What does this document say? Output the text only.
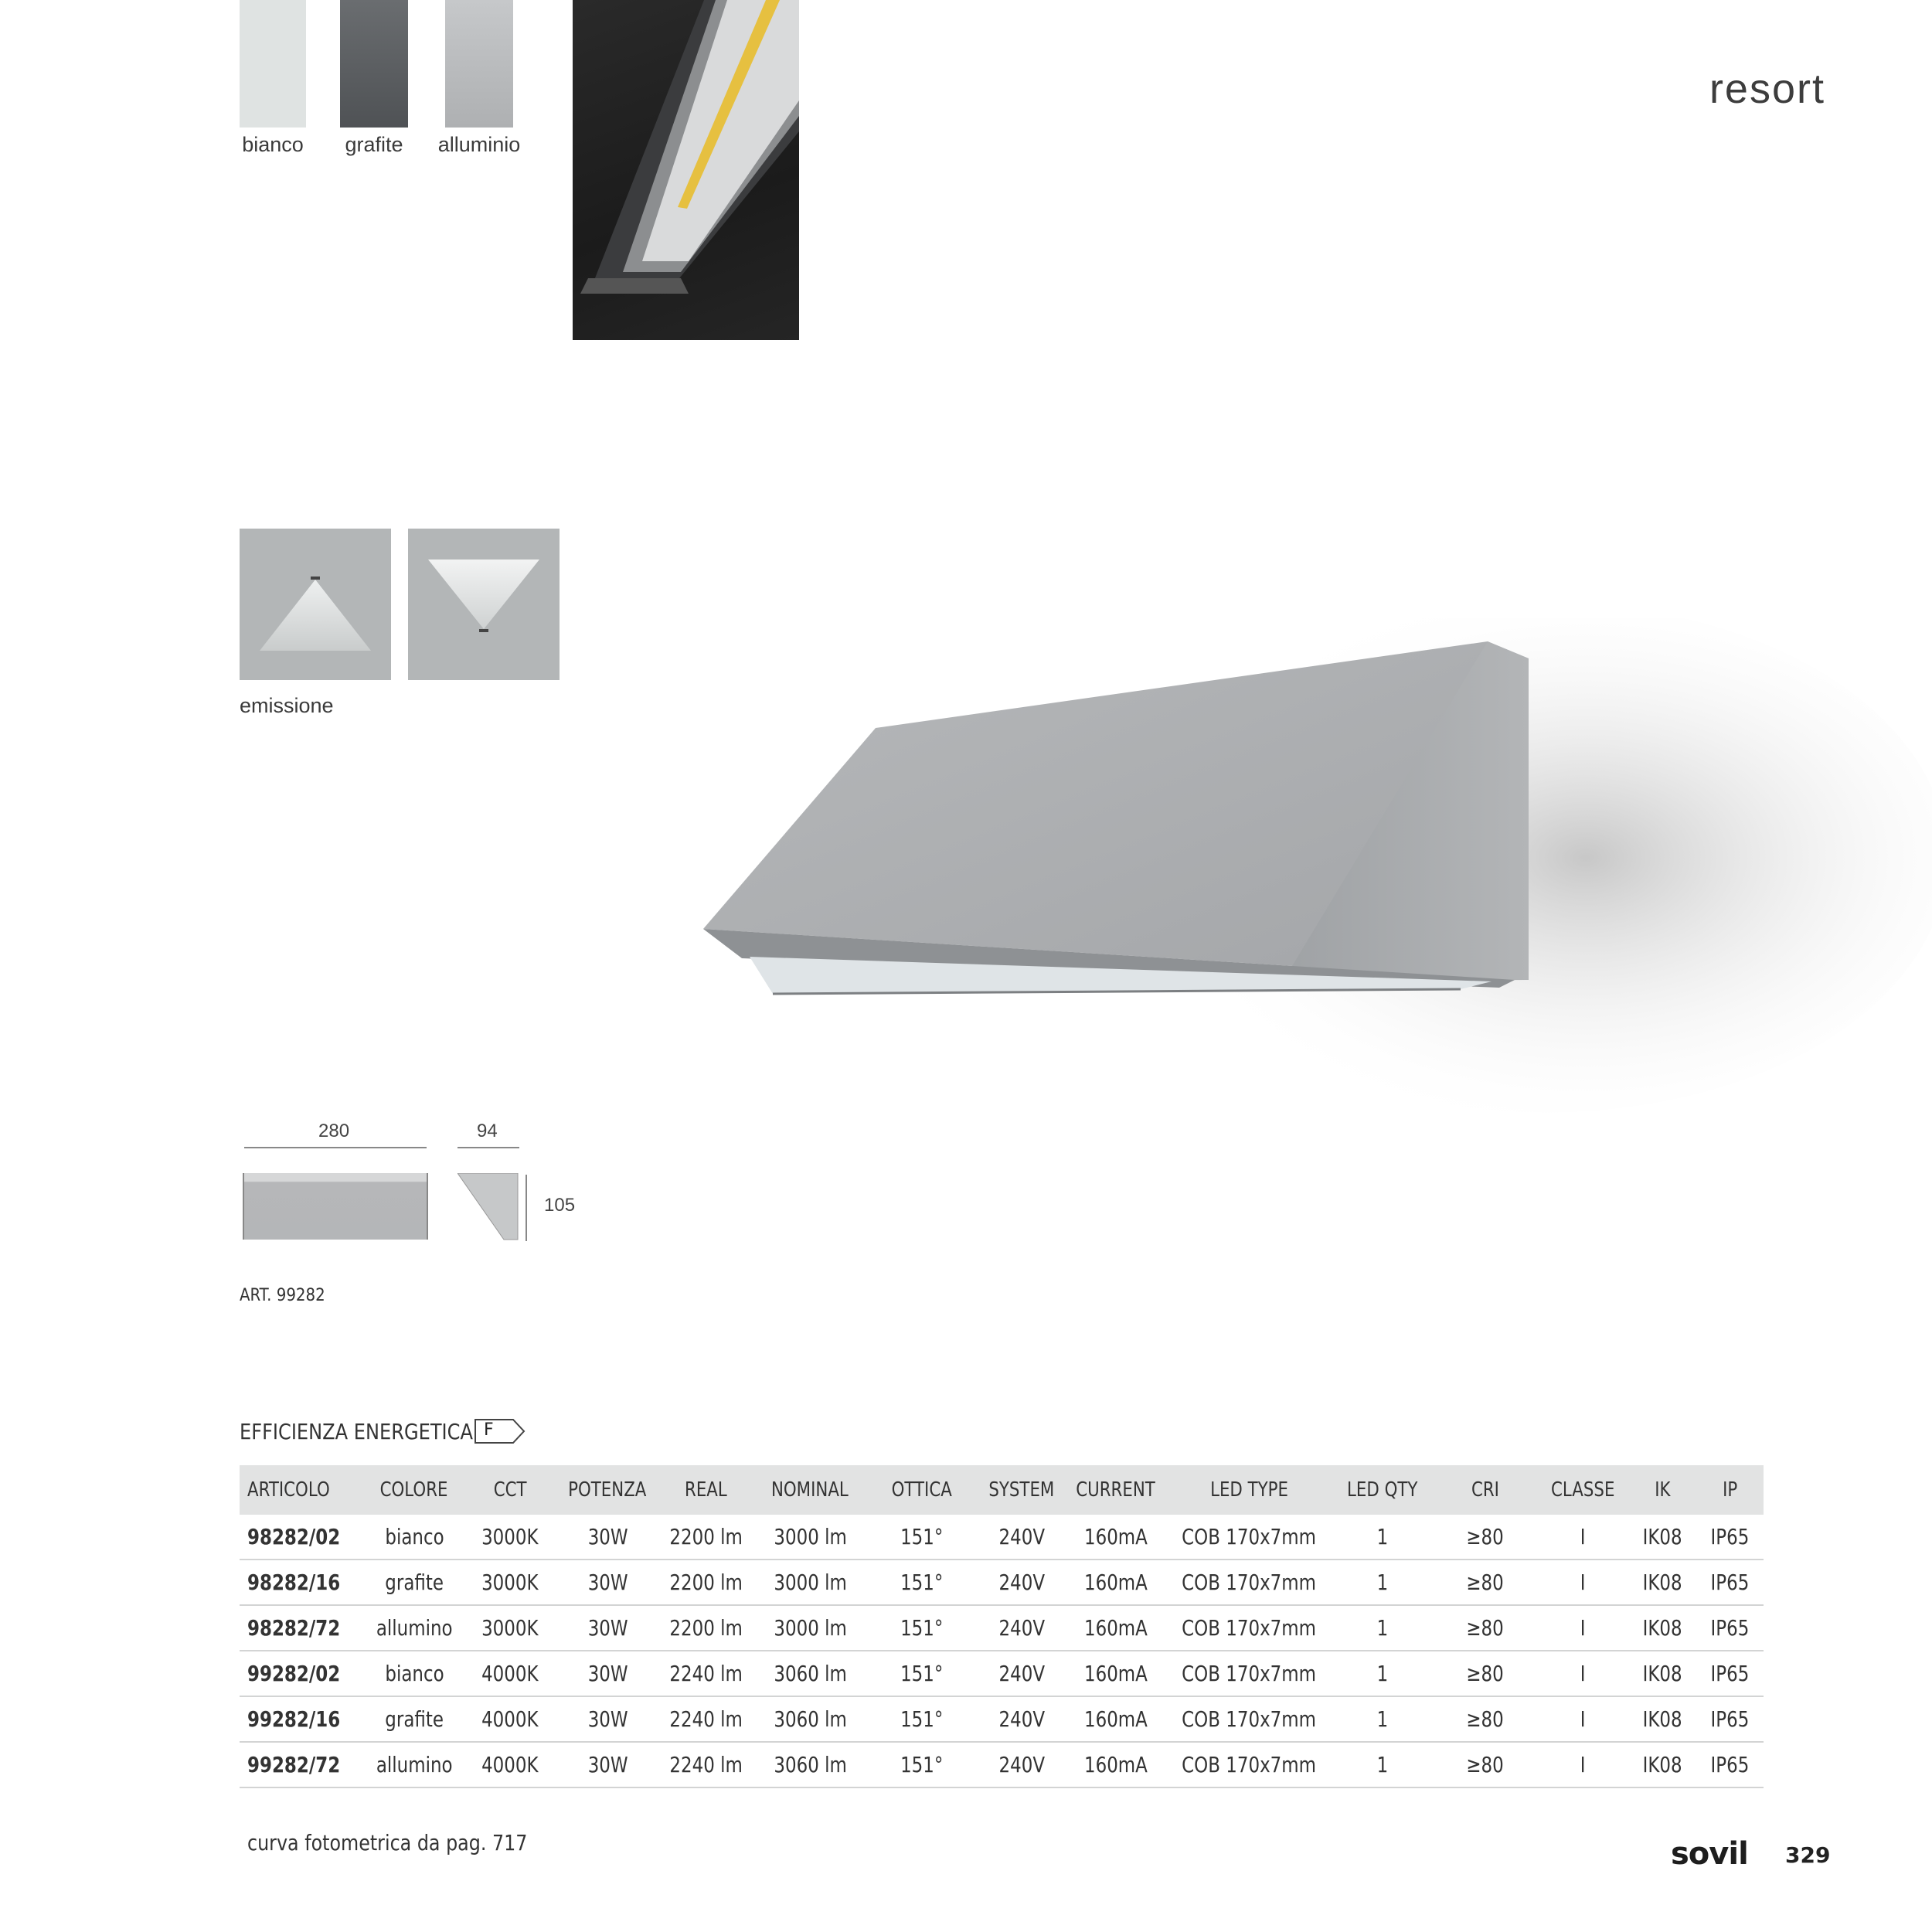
bianco	grafite	alluminio
resort
emissione
280	94
105
ART. 99282
EFFICIENZA ENERGETICA F
ARTICOLO	COLORE	CCT	POTENZA	REAL	NOMINAL	OTTICA	SYSTEM	CURRENT	LED TYPE	LED QTY	CRI	CLASSE	IK	IP
98282/02	bianco	3000K	30W	2200 lm	3000 lm	151°	240V	160mA	COB 170x7mm	1	≥80	I	IK08	IP65
98282/16	grafite	3000K	30W	2200 lm	3000 lm	151°	240V	160mA	COB 170x7mm	1	≥80	I	IK08	IP65
98282/72	allumino	3000K	30W	2200 lm	3000 lm	151°	240V	160mA	COB 170x7mm	1	≥80	I	IK08	IP65
99282/02	bianco	4000K	30W	2240 lm	3060 lm	151°	240V	160mA	COB 170x7mm	1	≥80	I	IK08	IP65
99282/16	grafite	4000K	30W	2240 lm	3060 lm	151°	240V	160mA	COB 170x7mm	1	≥80	I	IK08	IP65
99282/72	allumino	4000K	30W	2240 lm	3060 lm	151°	240V	160mA	COB 170x7mm	1	≥80	I	IK08	IP65
curva fotometrica da pag. 717	sovil 329
